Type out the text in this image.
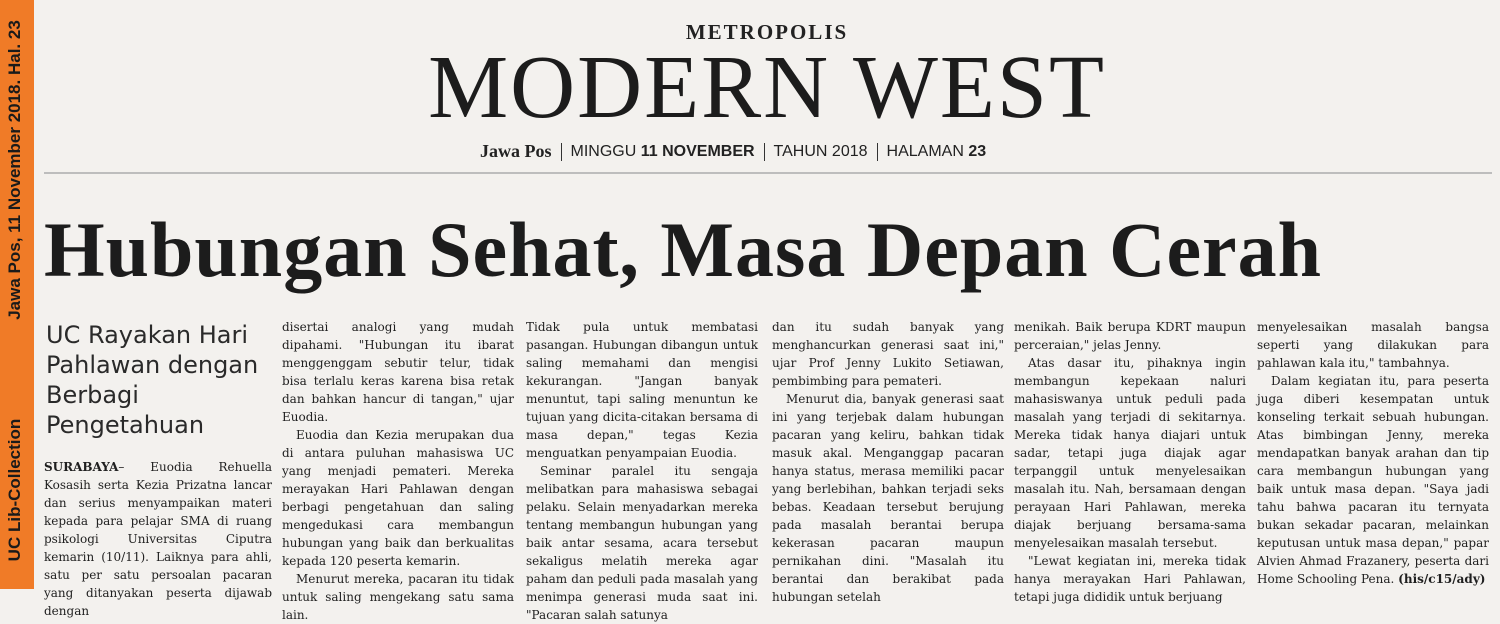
Jawa Pos, 11 November 2018. Hal. 23
UC Lib-Collection
METROPOLIS
MODERN WEST
Jawa Pos MINGGU 11 NOVEMBER TAHUN 2018 HALAMAN 23
Hubungan Sehat, Masa Depan Cerah
UC Rayakan Hari Pahlawan dengan Berbagi Pengetahuan

SURABAYA– Euodia Rehuella Kosasih serta Kezia Prizatna lancar dan serius menyampaikan materi kepada para pelajar SMA di ruang psikologi Universitas Ciputra kemarin (10/11). Laiknya para ahli, satu per satu persoalan pacaran yang ditanyakan peserta dijawab dengan

disertai analogi yang mudah dipahami. "Hubungan itu ibarat menggenggam sebutir telur, tidak bisa terlalu keras karena bisa retak dan bahkan hancur di tangan," ujar Euodia.

Euodia dan Kezia merupakan dua di antara puluhan mahasiswa UC yang menjadi pemateri. Mereka merayakan Hari Pahlawan dengan berbagi pengetahuan dan saling mengedukasi cara membangun hubungan yang baik dan berkualitas kepada 120 peserta kemarin.

Menurut mereka, pacaran itu tidak untuk saling mengekang satu sama lain.

Tidak pula untuk membatasi pasangan. Hubungan dibangun untuk saling memahami dan mengisi kekurangan. "Jangan banyak menuntut, tapi saling menuntun ke tujuan yang dicita-citakan bersama di masa depan," tegas Kezia menguatkan penyampaian Euodia.

Seminar paralel itu sengaja melibatkan para mahasiswa sebagai pelaku. Selain menyadarkan mereka tentang membangun hubungan yang baik antar sesama, acara tersebut sekaligus melatih mereka agar paham dan peduli pada masalah yang menimpa generasi muda saat ini. "Pacaran salah satunya

dan itu sudah banyak yang menghancurkan generasi saat ini," ujar Prof Jenny Lukito Setiawan, pembimbing para pemateri.

Menurut dia, banyak generasi saat ini yang terjebak dalam hubungan pacaran yang keliru, bahkan tidak masuk akal. Menganggap pacaran hanya status, merasa memiliki pacar yang berlebihan, bahkan terjadi seks bebas. Keadaan tersebut berujung pada masalah berantai berupa kekerasan pacaran maupun pernikahan dini. "Masalah itu berantai dan berakibat pada hubungan setelah

menikah. Baik berupa KDRT maupun perceraian," jelas Jenny.

Atas dasar itu, pihaknya ingin membangun kepekaan naluri mahasiswanya untuk peduli pada masalah yang terjadi di sekitarnya. Mereka tidak hanya diajari untuk sadar, tetapi juga diajak agar terpanggil untuk menyelesaikan masalah itu. Nah, bersamaan dengan perayaan Hari Pahlawan, mereka diajak berjuang bersama-sama menyelesaikan masalah tersebut.

"Lewat kegiatan ini, mereka tidak hanya merayakan Hari Pahlawan, tetapi juga dididik untuk berjuang

menyelesaikan masalah bangsa seperti yang dilakukan para pahlawan kala itu," tambahnya.

Dalam kegiatan itu, para peserta juga diberi kesempatan untuk konseling terkait sebuah hubungan. Atas bimbingan Jenny, mereka mendapatkan banyak arahan dan tip cara membangun hubungan yang baik untuk masa depan. "Saya jadi tahu bahwa pacaran itu ternyata bukan sekadar pacaran, melainkan keputusan untuk masa depan," papar Alvien Ahmad Frazanery, peserta dari Home Schooling Pena. (his/c15/ady)
